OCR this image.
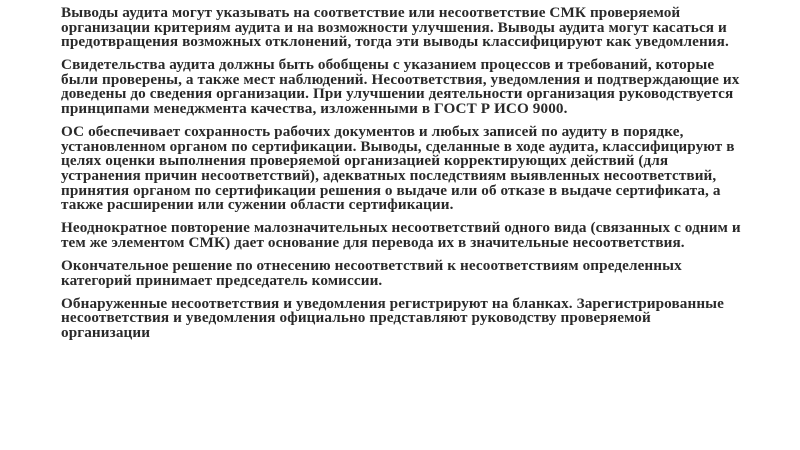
Выводы аудита могут указывать на соответствие или несоответствие СМК проверяемой организации критериям аудита и на возможности улучшения. Выводы аудита могут касаться и предотвращения возможных отклонений, тогда эти выводы классифицируют как уведомления.

Свидетельства аудита должны быть обобщены с указанием процессов и требований, которые были проверены, а также мест наблюдений. Несоответствия, уведомления и подтверждающие их доведены до сведения организации. При улучшении деятельности организация руководствуется принципами менеджмента качества, изложенными в ГОСТ Р ИСО 9000.

ОС обеспечивает сохранность рабочих документов и любых записей по аудиту в порядке, установленном органом по сертификации. Выводы, сделанные в ходе аудита, классифицируют в целях оценки выполнения проверяемой организацией корректирующих действий (для устранения причин несоответствий), адекватных последствиям выявленных несоответствий, принятия органом по сертификации решения о выдаче или об отказе в выдаче сертификата, а также расширении или сужении области сертификации.

Неоднократное повторение малозначительных несоответствий одного вида (связанных с одним и тем же элементом СМК) дает основание для перевода их в значительные несоответствия.

Окончательное решение по отнесению несоответствий к несоответствиям определенных категорий принимает председатель комиссии.

Обнаруженные несоответствия и уведомления регистрируют на бланках. Зарегистрированные несоответствия и уведомления официально представляют руководству проверяемой организации
